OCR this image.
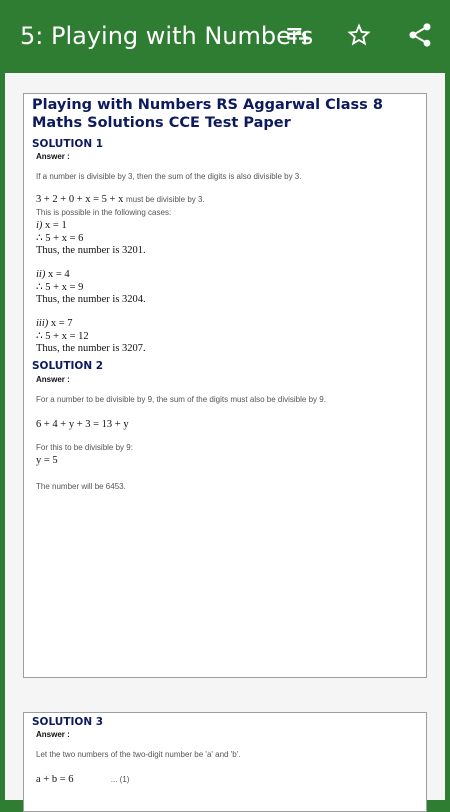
5: Playing with Numbers
Playing with Numbers RS Aggarwal Class 8 Maths Solutions CCE Test Paper
SOLUTION 1
Answer :
If a number is divisible by 3, then the sum of the digits is also divisible by 3.
3 + 2 + 0 + x = 5 + x must be divisible by 3.
This is possible in the following cases:
i) x = 1
∴ 5 + x = 6
Thus, the number is 3201.
ii) x = 4
∴ 5 + x = 9
Thus, the number is 3204.
iii) x = 7
∴ 5 + x = 12
Thus, the number is 3207.
SOLUTION 2
Answer :
For a number to be divisible by 9, the sum of the digits must also be divisible by 9.
6 + 4 + y + 3 = 13 + y
For this to be divisible by 9:
y = 5
The number will be 6453.
SOLUTION 3
Answer :
Let the two numbers of the two-digit number be 'a' and 'b'.
a + b = 6	... (1)
